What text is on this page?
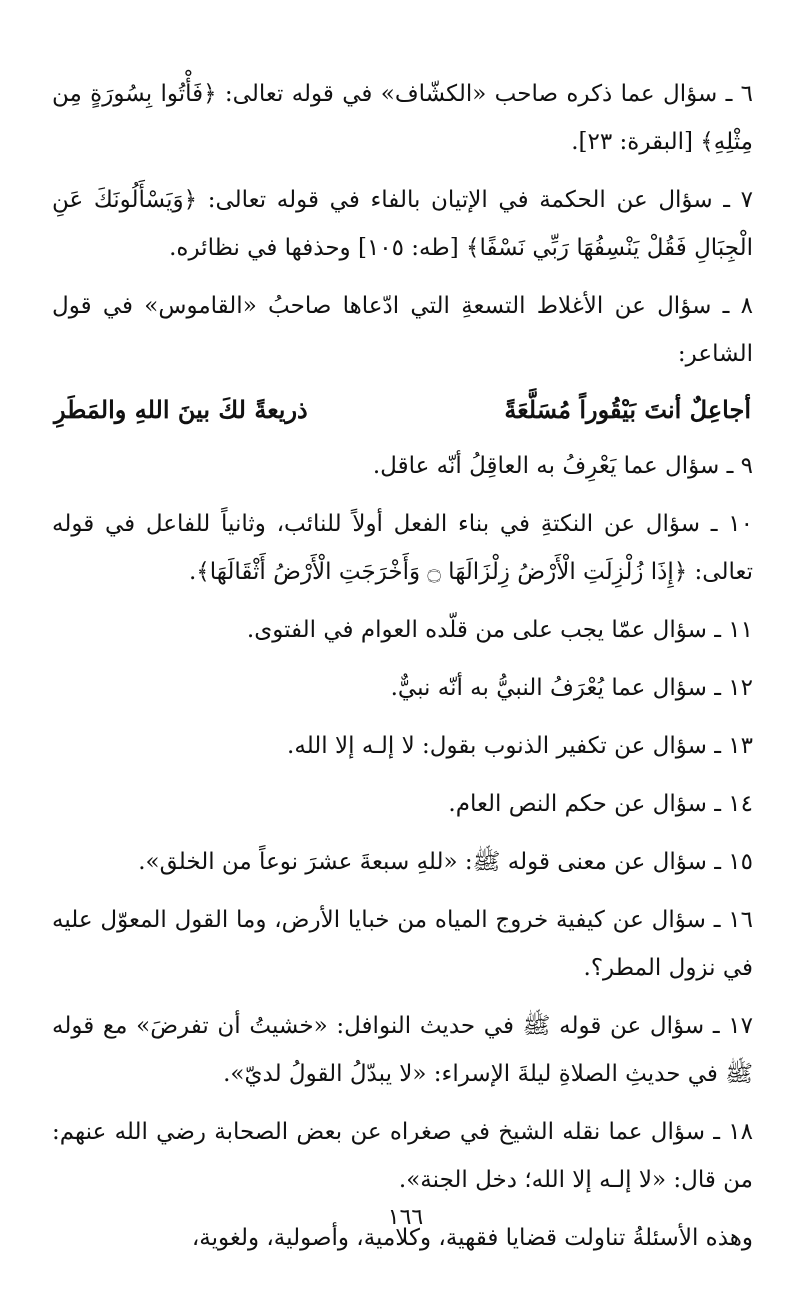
٦ ـ سؤال عما ذكره صاحب «الكشّاف» في قوله تعالى: ﴿فَأْتُوا بِسُورَةٍ مِن مِثْلِهِ﴾ [البقرة: ٢٣].

٧ ـ سؤال عن الحكمة في الإتيان بالفاء في قوله تعالى: ﴿وَيَسْأَلُونَكَ عَنِ الْجِبَالِ فَقُلْ يَنْسِفُهَا رَبِّي نَسْفًا﴾ [طه: ١٠٥] وحذفها في نظائره.

٨ ـ سؤال عن الأغلاط التسعةِ التي ادّعاها صاحبُ «القاموس» في قول الشاعر:

أجاعِلٌ أنتَ بَيْقُوراً مُسَلَّعَةً
ذريعةً لكَ بينَ اللهِ والمَطَرِ

٩ ـ سؤال عما يَعْرِفُ به العاقِلُ أنّه عاقل.

١٠ ـ سؤال عن النكتةِ في بناء الفعل أولاً للنائب، وثانياً للفاعل في قوله تعالى: ﴿إِذَا زُلْزِلَتِ الْأَرْضُ زِلْزَالَهَا ۝ وَأَخْرَجَتِ الْأَرْضُ أَثْقَالَهَا﴾.

١١ ـ سؤال عمّا يجب على من قلّده العوام في الفتوى.

١٢ ـ سؤال عما يُعْرَفُ النبيُّ به أنّه نبيٌّ.

١٣ ـ سؤال عن تكفير الذنوب بقول: لا إلـه إلا الله.

١٤ ـ سؤال عن حكم النص العام.

١٥ ـ سؤال عن معنى قوله ﷺ: «للهِ سبعةَ عشرَ نوعاً من الخلق».

١٦ ـ سؤال عن كيفية خروج المياه من خبايا الأرض، وما القول المعوّل عليه في نزول المطر؟.

١٧ ـ سؤال عن قوله ﷺ في حديث النوافل: «خشيتُ أن تفرضَ» مع قوله ﷺ في حديثِ الصلاةِ ليلةَ الإسراء: «لا يبدّلُ القولُ لديّ».

١٨ ـ سؤال عما نقله الشيخ في صغراه عن بعض الصحابة رضي الله عنهم: من قال: «لا إلـه إلا الله؛ دخل الجنة».

وهذه الأسئلةُ تناولت قضايا فقهية، وكلامية، وأصولية، ولغوية،

١٦٦
